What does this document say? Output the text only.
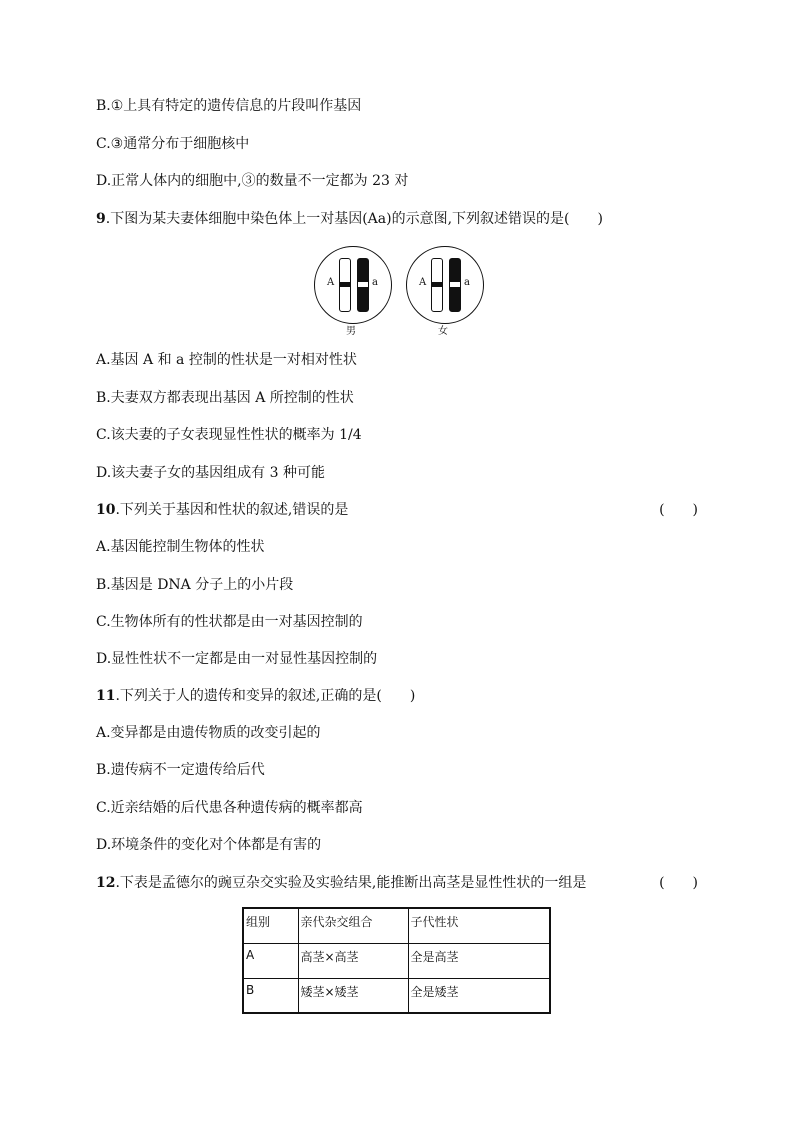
B.①上具有特定的遗传信息的片段叫作基因
C.③通常分布于细胞核中
D.正常人体内的细胞中,③的数量不一定都为 23 对
9.下图为某夫妻体细胞中染色体上一对基因(Aa)的示意图,下列叙述错误的是(　　)
A	a	A	a
男	女
A.基因 A 和 a 控制的性状是一对相对性状
B.夫妻双方都表现出基因 A 所控制的性状
C.该夫妻的子女表现显性性状的概率为 1/4
D.该夫妻子女的基因组成有 3 种可能
10.下列关于基因和性状的叙述,错误的是	(　　)
A.基因能控制生物体的性状
B.基因是 DNA 分子上的小片段
C.生物体所有的性状都是由一对基因控制的
D.显性性状不一定都是由一对显性基因控制的
11.下列关于人的遗传和变异的叙述,正确的是(　　)
A.变异都是由遗传物质的改变引起的
B.遗传病不一定遗传给后代
C.近亲结婚的后代患各种遗传病的概率都高
D.环境条件的变化对个体都是有害的
12.下表是孟德尔的豌豆杂交实验及实验结果,能推断出高茎是显性性状的一组是	(　　)
组别	亲代杂交组合	子代性状
A	高茎×高茎	全是高茎
B	矮茎×矮茎	全是矮茎
